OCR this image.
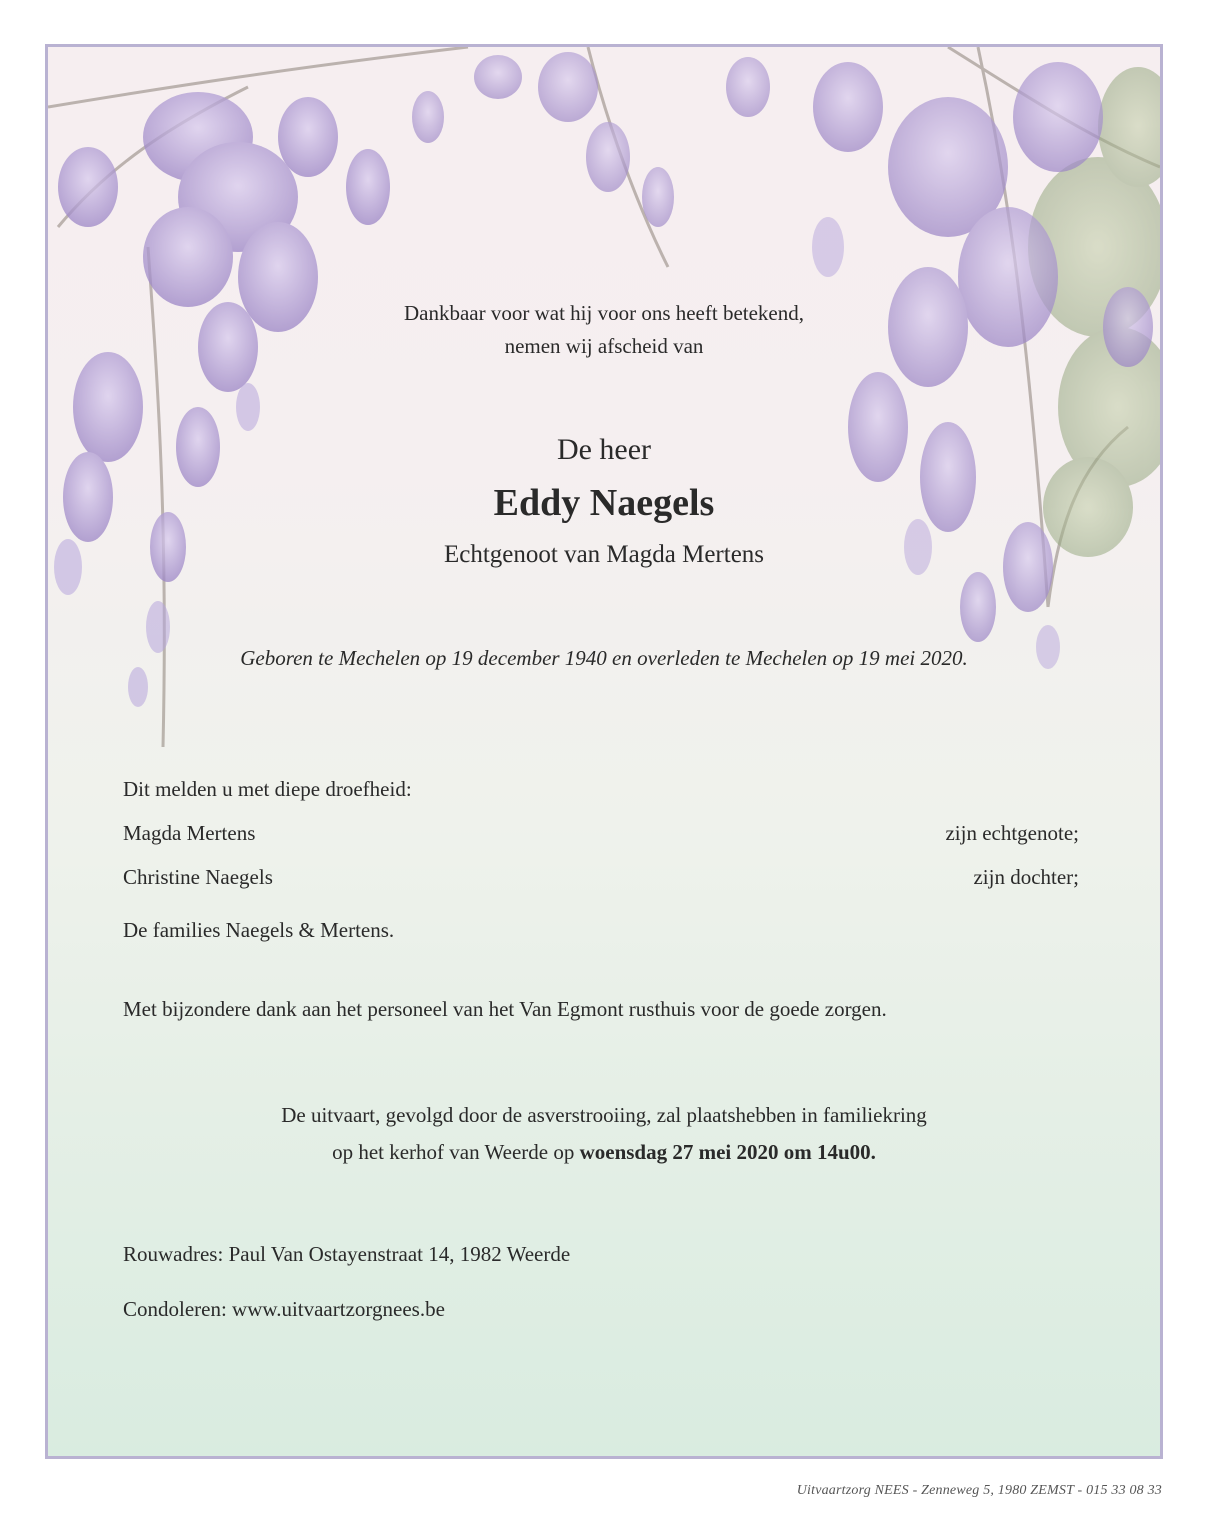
Dankbaar voor wat hij voor ons heeft betekend,

nemen wij afscheid van

De heer

Eddy Naegels

Echtgenoot van Magda Mertens

Geboren te Mechelen op 19 december 1940 en overleden te Mechelen op 19 mei 2020.

Dit melden u met diepe droefheid:

Magda Mertens	zijn echtgenote;
Christine Naegels	zijn dochter;

De families Naegels & Mertens.

Met bijzondere dank aan het personeel van het Van Egmont rusthuis voor de goede zorgen.

De uitvaart, gevolgd door de asverstrooiing, zal plaatshebben in familiekring

op het kerhof van Weerde op woensdag 27 mei 2020 om 14u00.

Rouwadres: Paul Van Ostayenstraat 14, 1982 Weerde

Condoleren: www.uitvaartzorgnees.be

Uitvaartzorg NEES - Zenneweg 5, 1980 ZEMST - 015 33 08 33
